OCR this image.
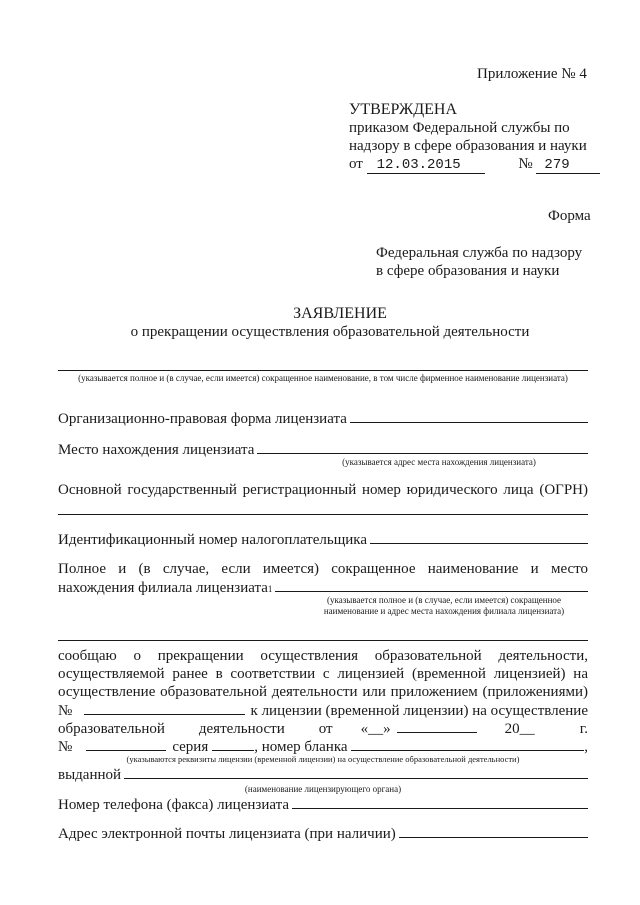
Приложение № 4
УТВЕРЖДЕНА
приказом Федеральной службы по
надзору в сфере образования и науки
от 12.03.2015	№ 279
Форма
Федеральная служба по надзору
в сфере образования и науки
ЗАЯВЛЕНИЕ
о прекращении осуществления образовательной деятельности
(указывается полное и (в случае, если имеется) сокращенное наименование, в том числе фирменное наименование лицензиата)
Организационно-правовая форма лицензиата
Место нахождения лицензиата
(указывается адрес места нахождения лицензиата)
Основной государственный регистрационный номер юридического лица (ОГРН)
Идентификационный номер налогоплательщика
Полное и (в случае, если имеется) сокращенное наименование и место
нахождения филиала лицензиата 1
(указывается полное и (в случае, если имеется) сокращенное наименование и адрес места нахождения филиала лицензиата)
сообщаю о прекращении осуществления образовательной деятельности,
осуществляемой ранее в соответствии с лицензией (временной лицензией) на
осуществление образовательной деятельности или приложением (приложениями)
№	к лицензии (временной лицензии) на осуществление
образовательной деятельности от «__»	20__	г.
№	серия	, номер бланка	,
(указываются реквизиты лицензии (временной лицензии) на осуществление образовательной деятельности)
выданной
(наименование лицензирующего органа)
Номер телефона (факса) лицензиата
Адрес электронной почты лицензиата (при наличии)
